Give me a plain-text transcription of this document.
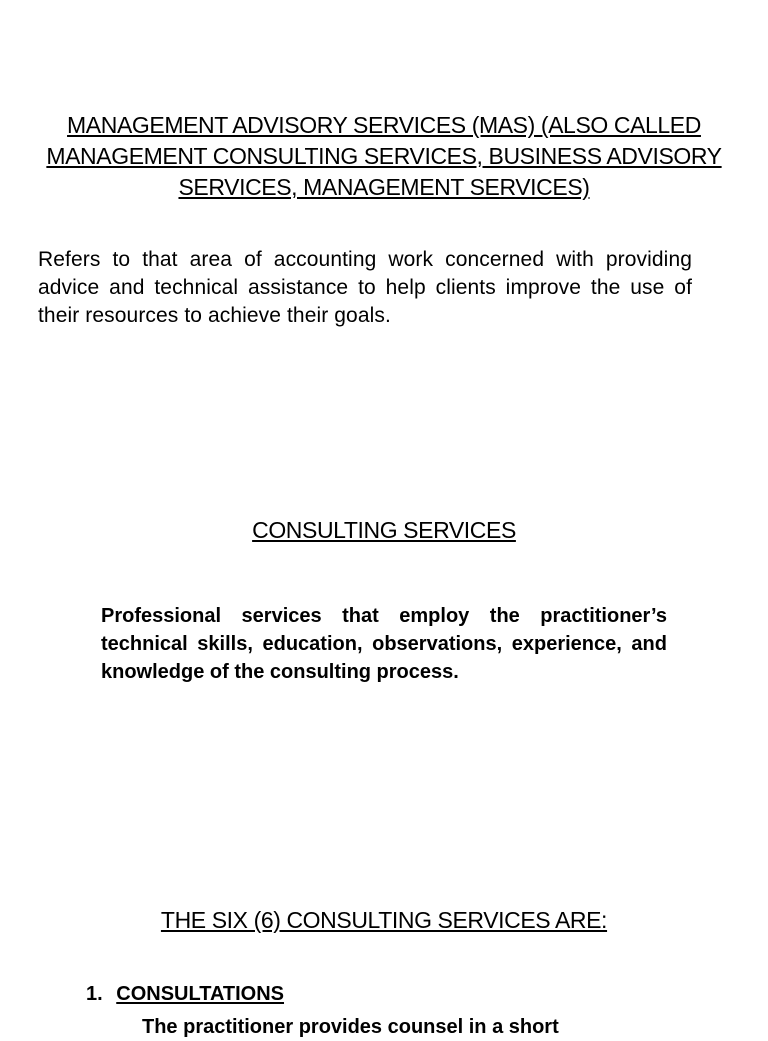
MANAGEMENT ADVISORY SERVICES (MAS) (ALSO CALLED MANAGEMENT CONSULTING SERVICES, BUSINESS ADVISORY SERVICES, MANAGEMENT SERVICES)
Refers to that area of accounting work concerned with providing advice and technical assistance to help clients improve the use of their resources to achieve their goals.
CONSULTING SERVICES
Professional services that employ the practitioner’s technical skills, education, observations, experience, and knowledge of the consulting process.
THE SIX (6) CONSULTING SERVICES ARE:
1. CONSULTATIONS
The practitioner provides counsel in a short
